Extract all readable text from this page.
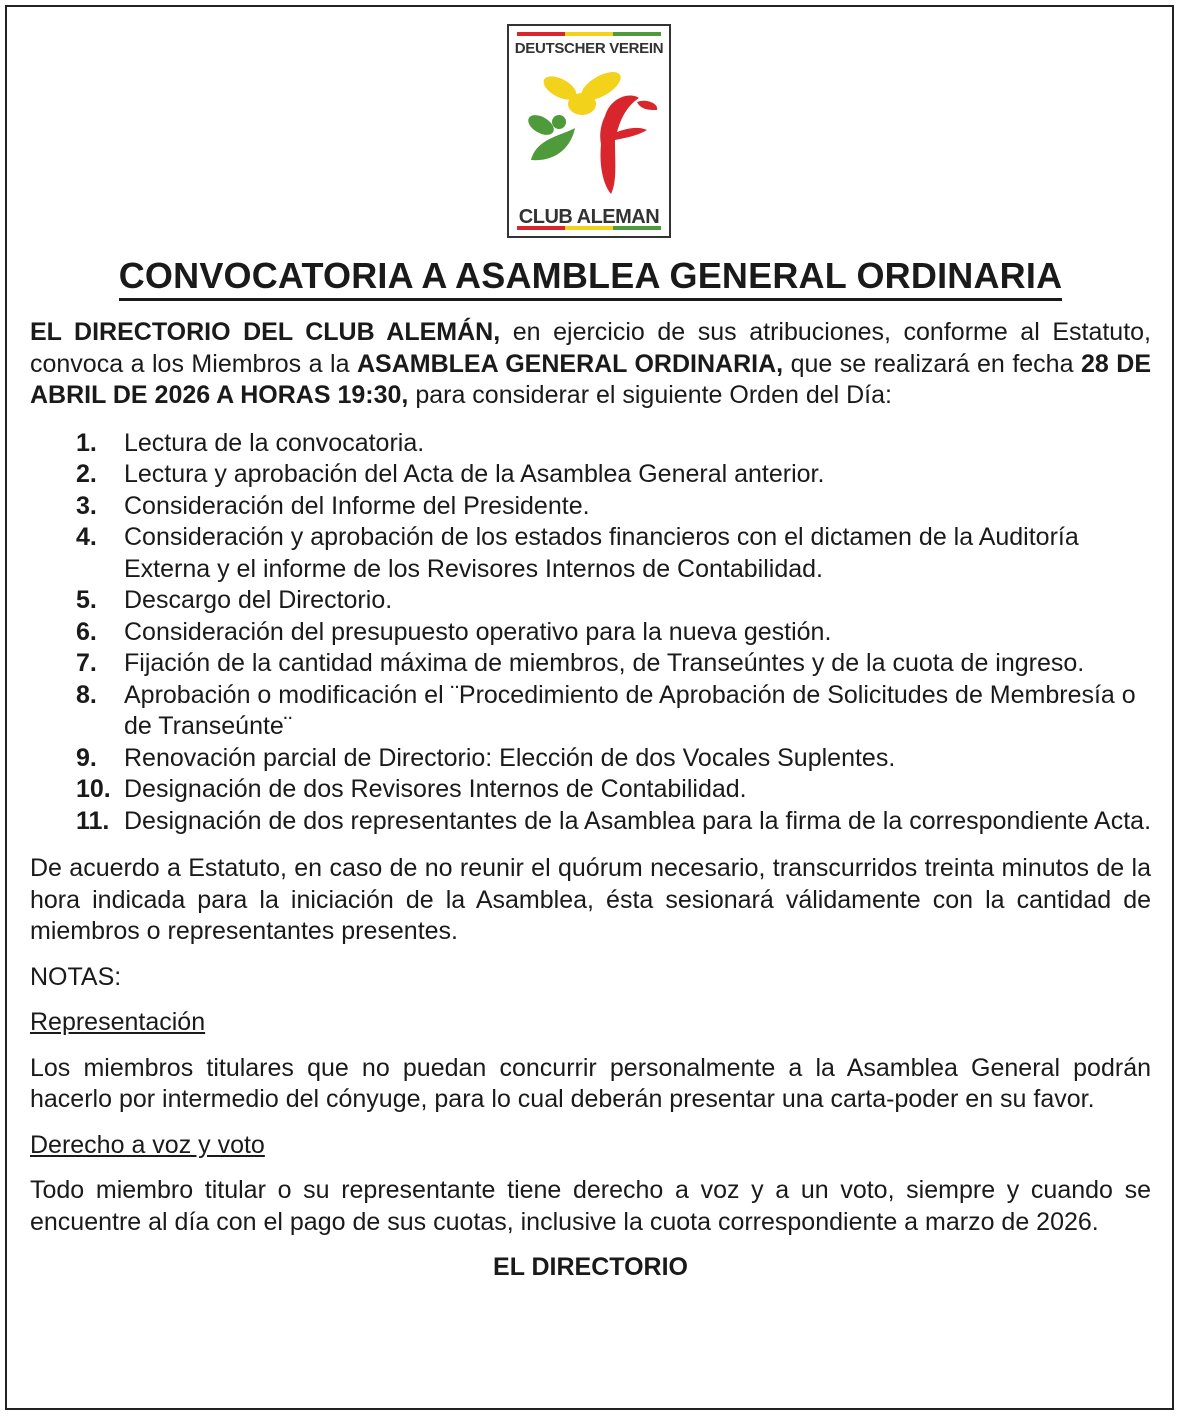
DEUTSCHER VEREIN
CLUB ALEMAN
CONVOCATORIA A ASAMBLEA GENERAL ORDINARIA

EL DIRECTORIO DEL CLUB ALEMÁN, en ejercicio de sus atribuciones, conforme al Estatuto, convoca a los Miembros a la ASAMBLEA GENERAL ORDINARIA, que se realizará en fecha 28 DE ABRIL DE 2026 A HORAS 19:30, para considerar el siguiente Orden del Día:

1.	Lectura de la convocatoria.
2.	Lectura y aprobación del Acta de la Asamblea General anterior.
3.	Consideración del Informe del Presidente.
4.	Consideración y aprobación de los estados financieros con el dictamen de la Auditoría Externa y el informe de los Revisores Internos de Contabilidad.
5.	Descargo del Directorio.
6.	Consideración del presupuesto operativo para la nueva gestión.
7.	Fijación de la cantidad máxima de miembros, de Transeúntes y de la cuota de ingreso.
8.	Aprobación o modificación el ¨Procedimiento de Aprobación de Solicitudes de Membresía o de Transeúnte¨
9.	Renovación parcial de Directorio: Elección de dos Vocales Suplentes.
10. Designación de dos Revisores Internos de Contabilidad.
11. Designación de dos representantes de la Asamblea para la firma de la correspondiente Acta.

De acuerdo a Estatuto, en caso de no reunir el quórum necesario, transcurridos treinta minutos de la hora indicada para la iniciación de la Asamblea, ésta sesionará válidamente con la cantidad de miembros o representantes presentes.

NOTAS:

Representación

Los miembros titulares que no puedan concurrir personalmente a la Asamblea General podrán hacerlo por intermedio del cónyuge, para lo cual deberán presentar una carta-poder en su favor.

Derecho a voz y voto

Todo miembro titular o su representante tiene derecho a voz y a un voto, siempre y cuando se encuentre al día con el pago de sus cuotas, inclusive la cuota correspondiente a marzo de 2026.

EL DIRECTORIO
